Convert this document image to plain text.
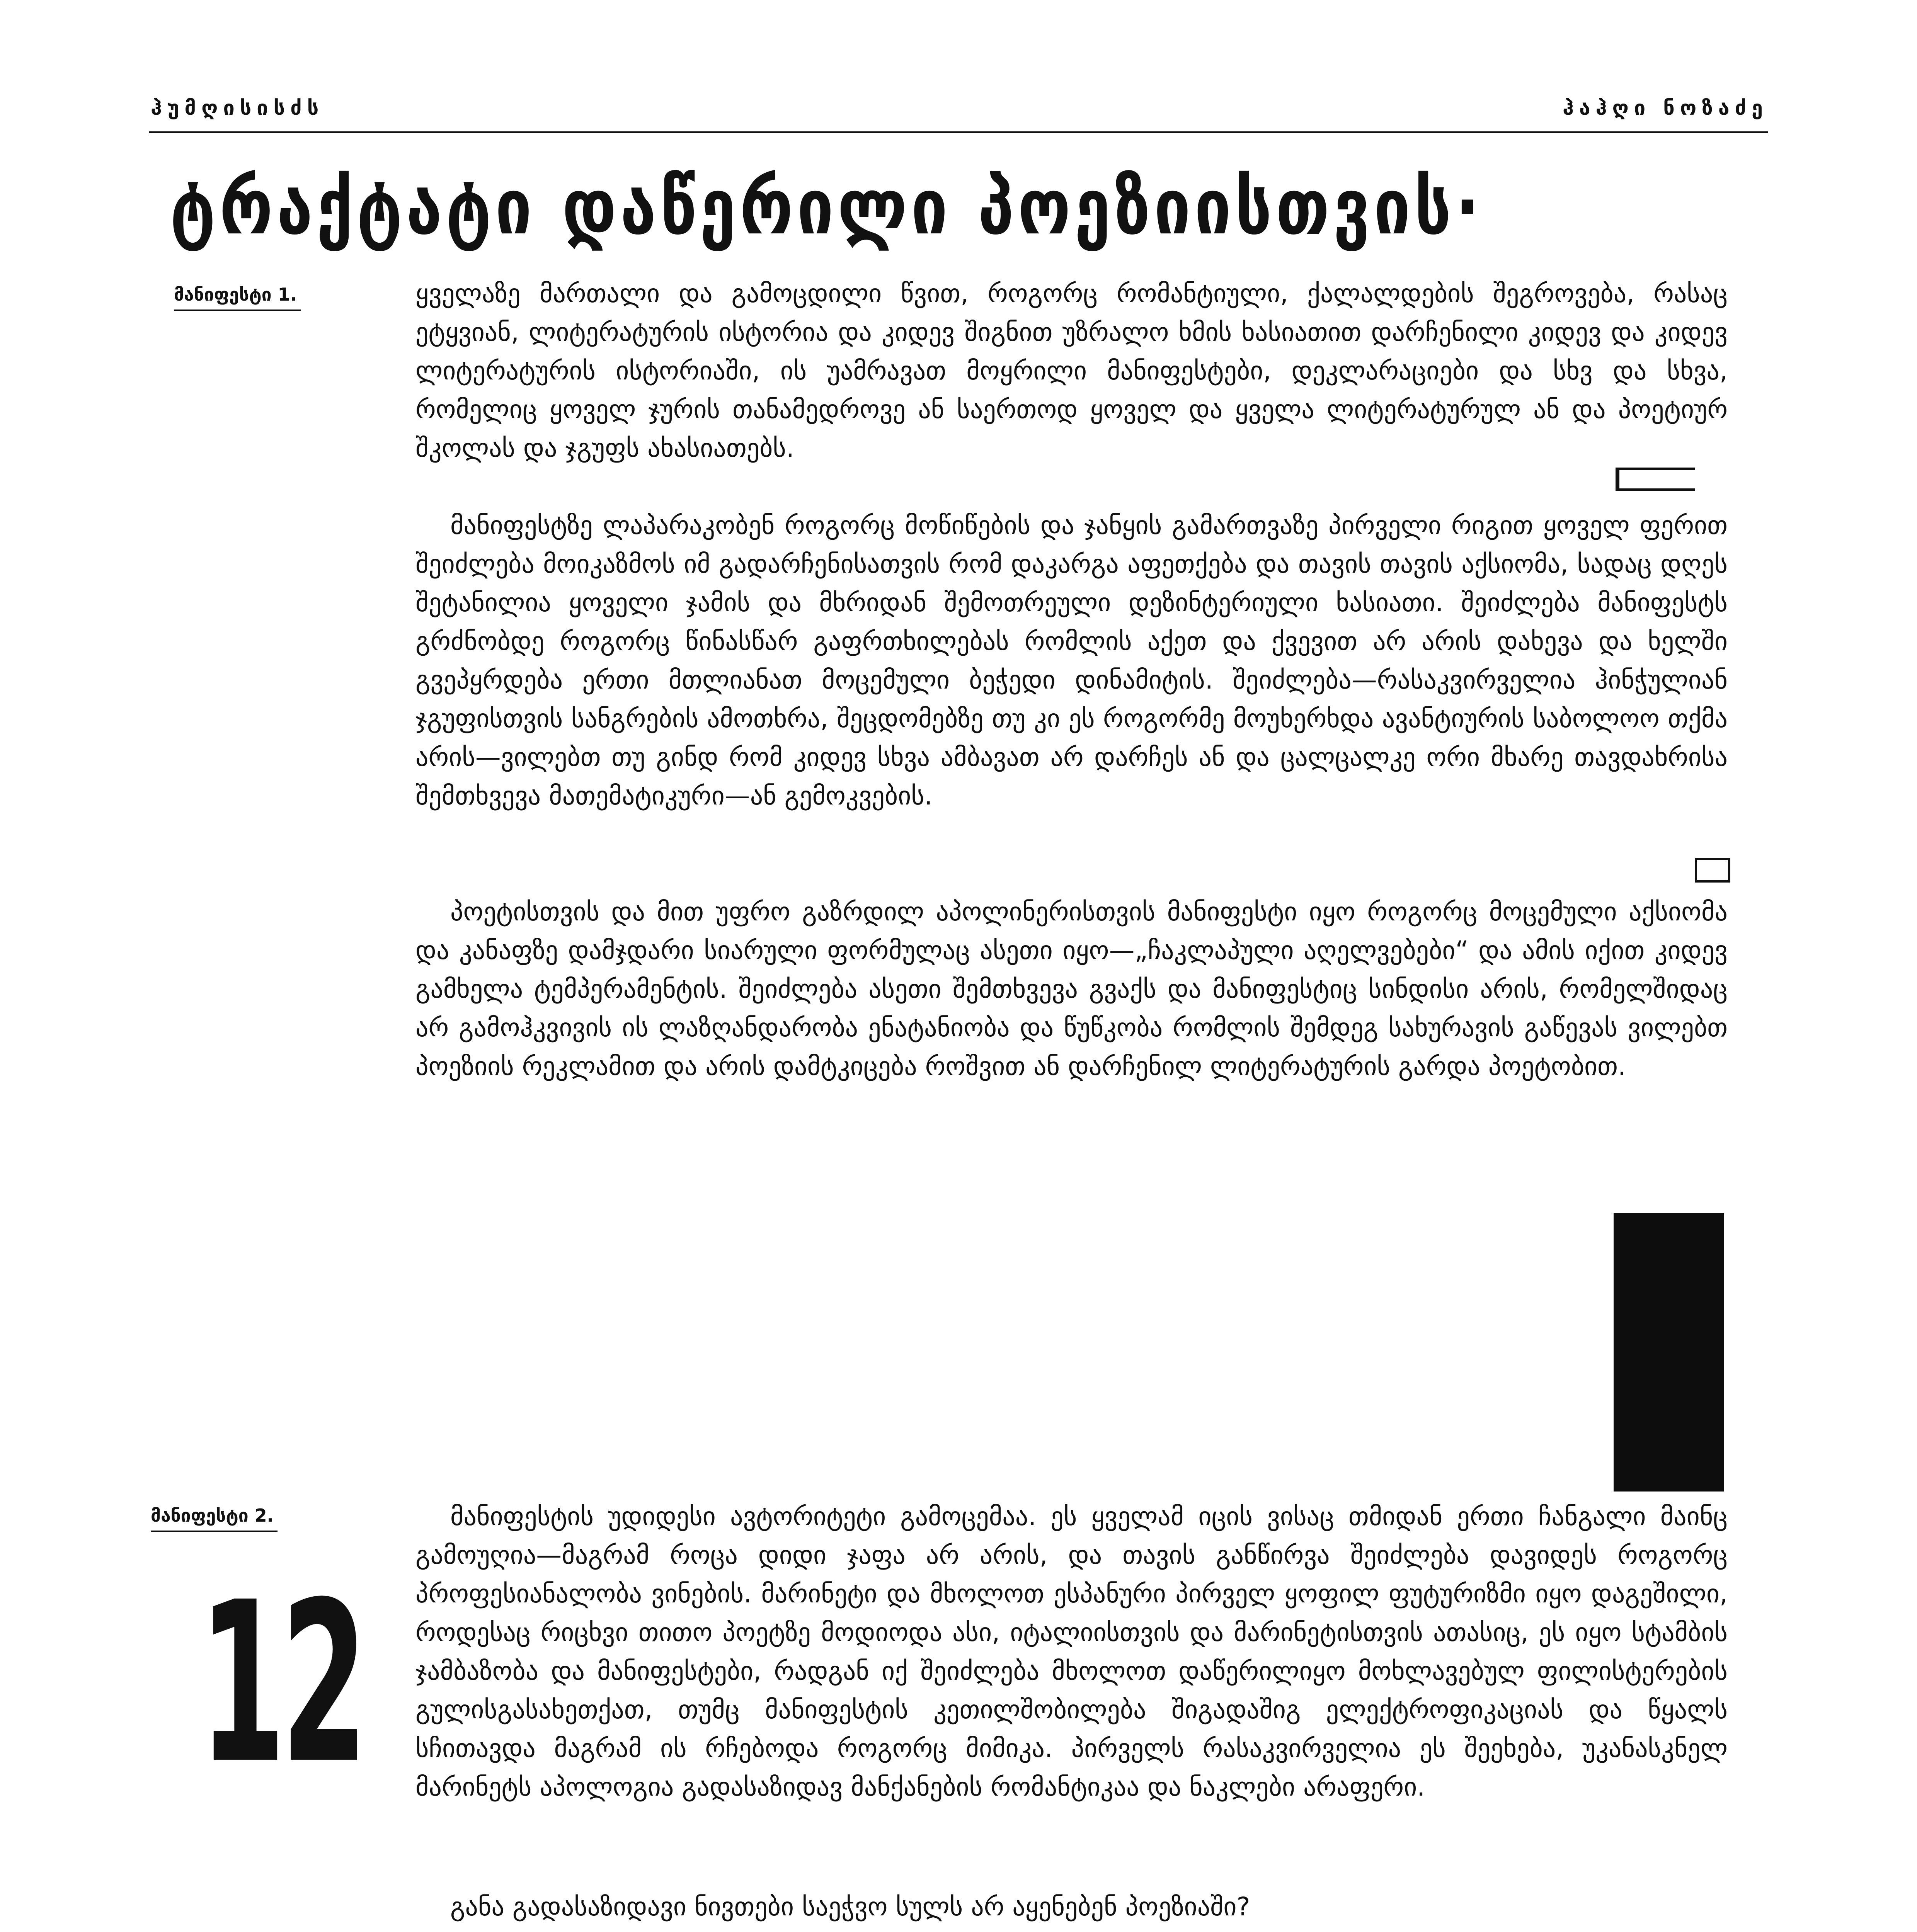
ჰუმღისისძს	ჰაჰღი ნოზაძე
ტრაქტატი დაწერილი პოეზიისთვის·
მანიფესტი 1.
მანიფესტი 2.

ყველაზე მართალი და გამოცდილი წვით, როგორც რომანტიული, ქალალდების შეგროვება, რასაც ეტყვიან, ლიტერატურის ისტორია და კიდევ შიგნით უზრალო ხმის ხასიათით დარჩენილი კიდევ და კიდევ ლიტერატურის ისტორიაში, ის უამრავათ მოყრილი მანიფესტები, დეკლარაციები და სხვ და სხვა, რომელიც ყოველ ჯურის თანამედროვე ან საერთოდ ყოველ და ყველა ლიტერატურულ ან და პოეტიურ შკოლას და ჯგუფს ახასიათებს.

მანიფესტზე ლაპარაკობენ როგორც მოწიწების და ჯანყის გამართვაზე პირველი რიგით ყოველ ფერით შეიძლება მოიკაზმოს იმ გადარჩენისათვის რომ დაკარგა აფეთქება და თავის თავის აქსიომა, სადაც დღეს შეტანილია ყოველი ჯამის და მხრიდან შემოთრეული დეზინტერიული ხასიათი. შეიძლება მანიფესტს გრძნობდე როგორც წინასწარ გაფრთხილებას რომლის აქეთ და ქვევით არ არის დახევა და ხელში გვეპყრდება ერთი მთლიანათ მოცემული ბეჭედი დინამიტის. შეიძლება—რასაკვირველია ჰინჭულიან ჯგუფისთვის სანგრების ამოთხრა, შეცდომებზე თუ კი ეს როგორმე მოუხერხდა ავანტიურის საბოლოო თქმა არის—ვილებთ თუ გინდ რომ კიდევ სხვა ამბავათ არ დარჩეს ან და ცალცალკე ორი მხარე თავდახრისა შემთხვევა მათემატიკური—ან გემოკვების.

პოეტისთვის და მით უფრო გაზრდილ აპოლინერისთვის მანიფესტი იყო როგორც მოცემული აქსიომა და კანაფზე დამჯდარი სიარული ფორმულაც ასეთი იყო—„ჩაკლაპული აღელვებები“ და ამის იქით კიდევ გამხელა ტემპერამენტის. შეიძლება ასეთი შემთხვევა გვაქს და მანიფესტიც სინდისი არის, რომელშიდაც არ გამოჰკვივის ის ლაზღანდარობა ენატანიობა და წუწკობა რომლის შემდეგ სახურავის გაწევას ვილებთ პოეზიის რეკლამით და არის დამტკიცება როშვით ან დარჩენილ ლიტერატურის გარდა პოეტობით.

მანიფესტის უდიდესი ავტორიტეტი გამოცემაა. ეს ყველამ იცის ვისაც თმიდან ერთი ჩანგალი მაინც გამოუღია—მაგრამ როცა დიდი ჯაფა არ არის, და თავის განწირვა შეიძლება დავიდეს როგორც პროფესიანალობა ვინების. მარინეტი და მხოლოთ ესპანური პირველ ყოფილ ფუტურიზმი იყო დაგეშილი, როდესაც რიცხვი თითო პოეტზე მოდიოდა ასი, იტალიისთვის და მარინეტისთვის ათასიც, ეს იყო სტამბის ჯამბაზობა და მანიფესტები, რადგან იქ შეიძლება მხოლოთ დაწერილიყო მოხლავებულ ფილისტერების გულისგასახეთქათ, თუმც მანიფესტის კეთილშობილება შიგადაშიგ ელექტროფიკაციას და წყალს სჩითავდა მაგრამ ის რჩებოდა როგორც მიმიკა. პირველს რასაკვირველია ეს შეეხება, უკანასკნელ მარინეტს აპოლოგია გადასაზიდავ მანქანების რომანტიკაა და ნაკლები არაფერი.

განა გადასაზიდავი ნივთები საეჭვო სულს არ აყენებენ პოეზიაში?

12
